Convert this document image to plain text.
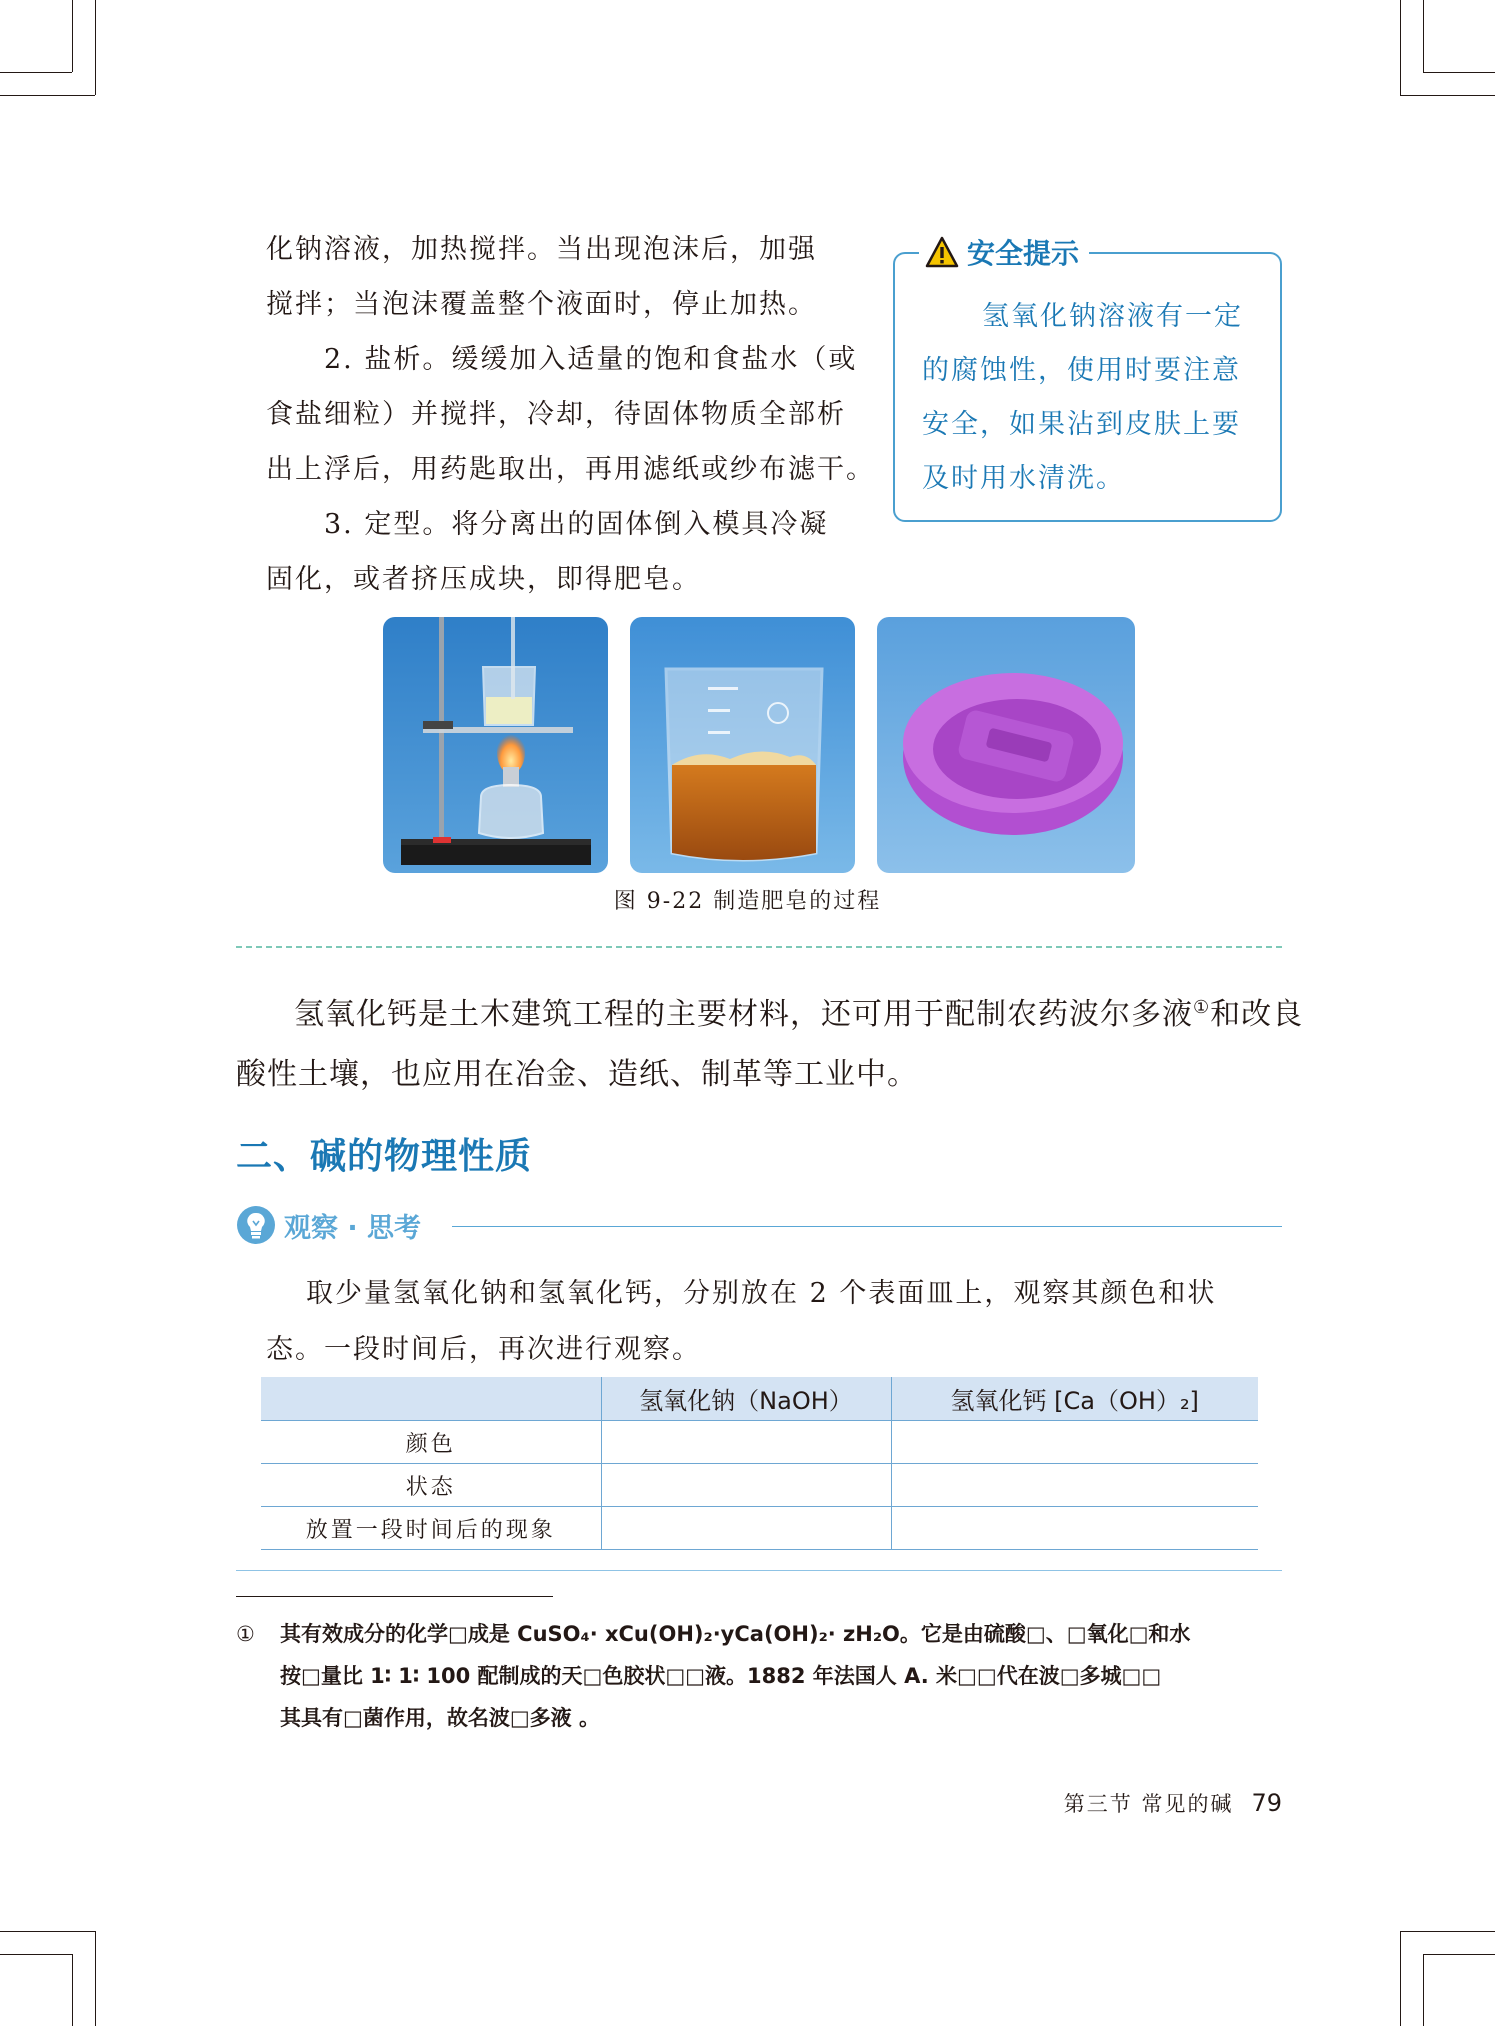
化钠溶液，加热搅拌。当出现泡沫后，加强

搅拌；当泡沫覆盖整个液面时，停止加热。

2. 盐析。缓缓加入适量的饱和食盐水（或

食盐细粒）并搅拌，冷却，待固体物质全部析

出上浮后，用药匙取出，再用滤纸或纱布滤干。

3. 定型。将分离出的固体倒入模具冷凝

固化，或者挤压成块，即得肥皂。

安全提示

氢氧化钠溶液有一定

的腐蚀性，使用时要注意

安全，如果沾到皮肤上要

及时用水清洗。

图 9-22 制造肥皂的过程

氢氧化钙是土木建筑工程的主要材料，还可用于配制农药波尔多液①和改良

酸性土壤，也应用在冶金、造纸、制革等工业中。

二、碱的物理性质
观察 · 思考

取少量氢氧化钠和氢氧化钙，分别放在 2 个表面皿上，观察其颜色和状

态。一段时间后，再次进行观察。

	氢氧化钠（NaOH）	氢氧化钙 [Ca（OH）₂]
颜色		
状态		
放置一段时间后的现象		

① 其有效成分的化学□成是 CuSO₄· xCu(OH)₂·yCa(OH)₂· zH₂O。它是由硫酸□、□氧化□和水

按□量比 1∶ 1∶ 100 配制成的天□色胶状□□液。1882 年法国人 A. 米□□代在波□多城□□

其具有□菌作用，故名波□多液 。

第三节 常见的碱 79
